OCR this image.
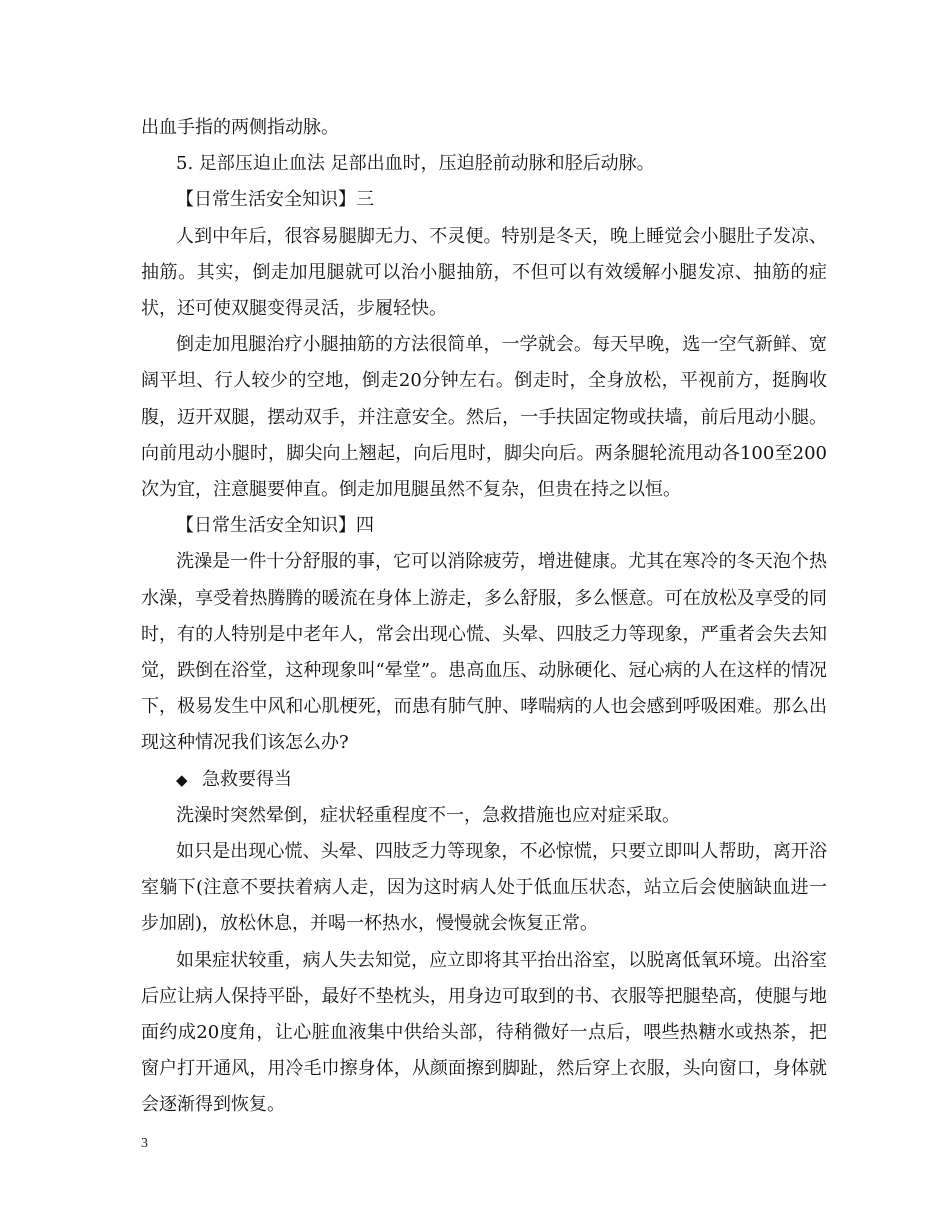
出血手指的两侧指动脉。

5. 足部压迫止血法 足部出血时，压迫胫前动脉和胫后动脉。

【日常生活安全知识】三

人到中年后，很容易腿脚无力、不灵便。特别是冬天，晚上睡觉会小腿肚子发凉、抽筋。其实，倒走加甩腿就可以治小腿抽筋，不但可以有效缓解小腿发凉、抽筋的症状，还可使双腿变得灵活，步履轻快。

倒走加甩腿治疗小腿抽筋的方法很简单，一学就会。每天早晚，选一空气新鲜、宽阔平坦、行人较少的空地，倒走20分钟左右。倒走时，全身放松，平视前方，挺胸收腹，迈开双腿，摆动双手，并注意安全。然后，一手扶固定物或扶墙，前后甩动小腿。向前甩动小腿时，脚尖向上翘起，向后甩时，脚尖向后。两条腿轮流甩动各100至200次为宜，注意腿要伸直。倒走加甩腿虽然不复杂，但贵在持之以恒。

【日常生活安全知识】四

洗澡是一件十分舒服的事，它可以消除疲劳，增进健康。尤其在寒冷的冬天泡个热水澡，享受着热腾腾的暖流在身体上游走，多么舒服，多么惬意。可在放松及享受的同时，有的人特别是中老年人，常会出现心慌、头晕、四肢乏力等现象，严重者会失去知觉，跌倒在浴堂，这种现象叫“晕堂”。患高血压、动脉硬化、冠心病的人在这样的情况下，极易发生中风和心肌梗死，而患有肺气肿、哮喘病的人也会感到呼吸困难。那么出现这种情况我们该怎么办?

◆ 急救要得当

洗澡时突然晕倒，症状轻重程度不一，急救措施也应对症采取。

如只是出现心慌、头晕、四肢乏力等现象，不必惊慌，只要立即叫人帮助，离开浴室躺下(注意不要扶着病人走，因为这时病人处于低血压状态，站立后会使脑缺血进一步加剧)，放松休息，并喝一杯热水，慢慢就会恢复正常。

如果症状较重，病人失去知觉，应立即将其平抬出浴室，以脱离低氧环境。出浴室后应让病人保持平卧，最好不垫枕头，用身边可取到的书、衣服等把腿垫高，使腿与地面约成20度角，让心脏血液集中供给头部，待稍微好一点后，喂些热糖水或热茶，把窗户打开通风，用冷毛巾擦身体，从颜面擦到脚趾，然后穿上衣服，头向窗口，身体就会逐渐得到恢复。

3
